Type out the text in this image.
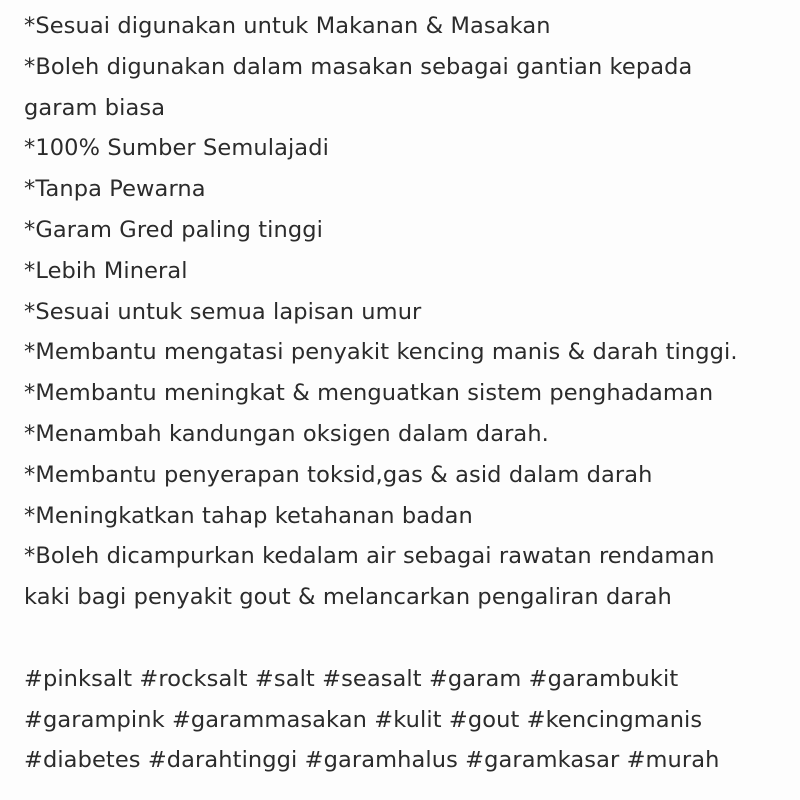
*Sesuai digunakan untuk Makanan & Masakan
*Boleh digunakan dalam masakan sebagai gantian kepada
garam biasa
*100% Sumber Semulajadi
*Tanpa Pewarna
*Garam Gred paling tinggi
*Lebih Mineral
*Sesuai untuk semua lapisan umur
*Membantu mengatasi penyakit kencing manis & darah tinggi.
*Membantu meningkat & menguatkan sistem penghadaman
*Menambah kandungan oksigen dalam darah.
*Membantu penyerapan toksid,gas & asid dalam darah
*Meningkatkan tahap ketahanan badan
*Boleh dicampurkan kedalam air sebagai rawatan rendaman
kaki bagi penyakit gout & melancarkan pengaliran darah
#pinksalt #rocksalt #salt #seasalt #garam #garambukit
#garampink #garammasakan #kulit #gout #kencingmanis
#diabetes #darahtinggi #garamhalus #garamkasar #murah
